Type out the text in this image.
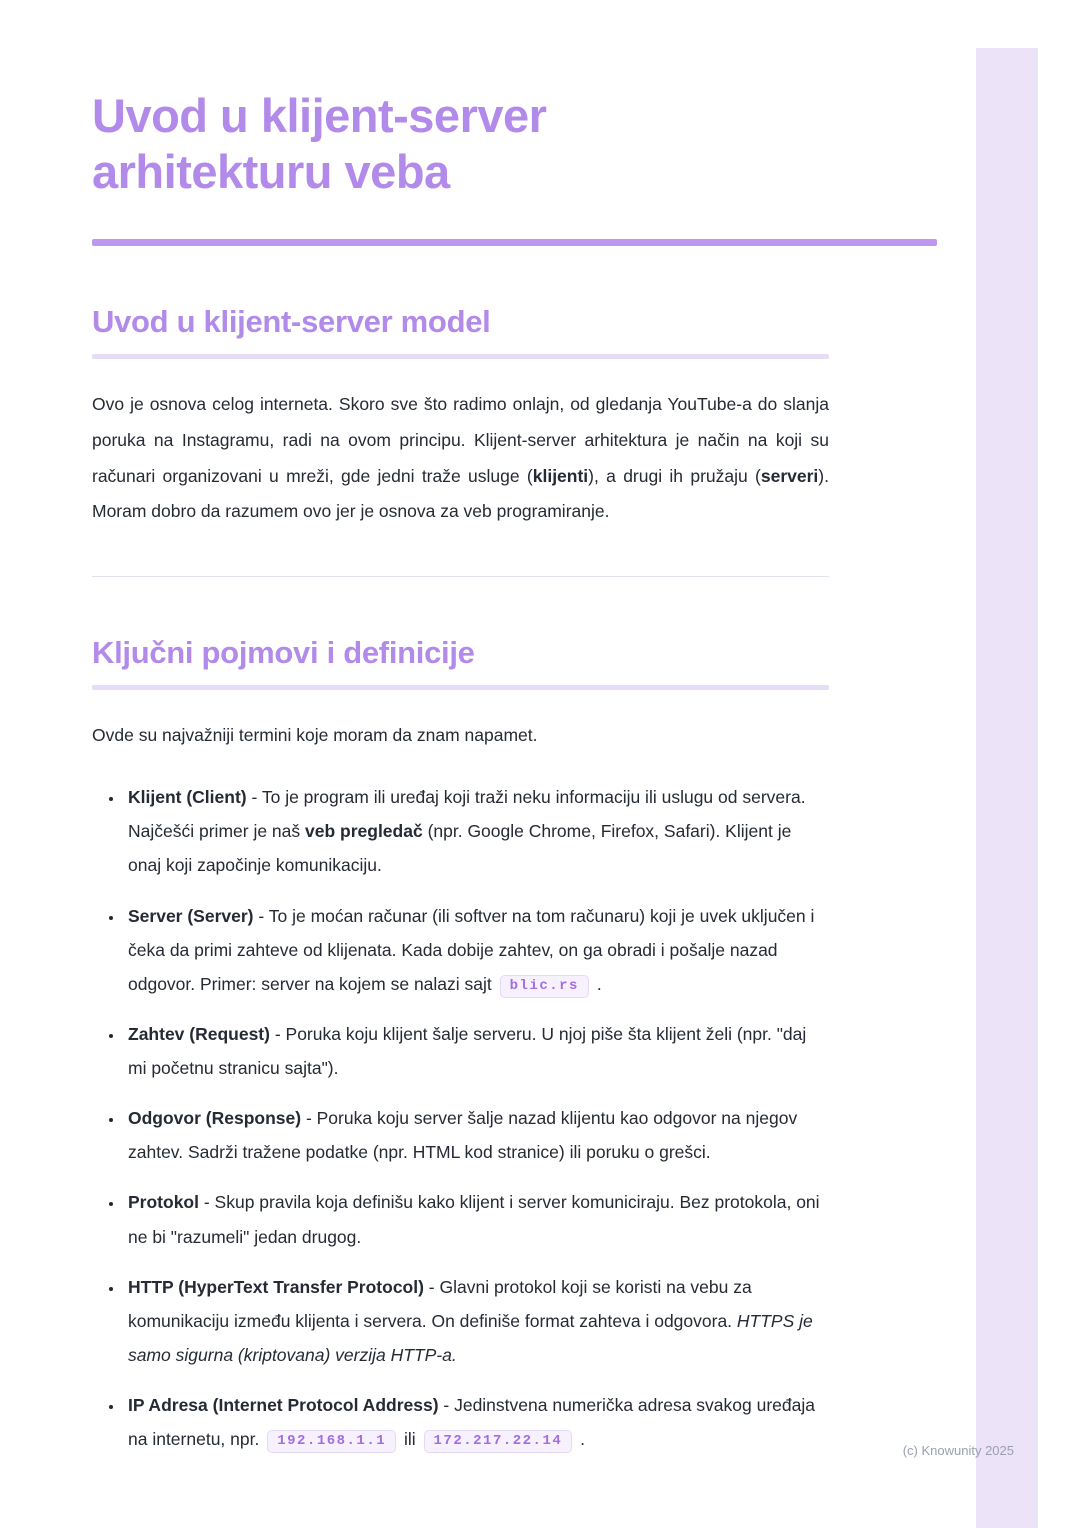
Uvod u klijent-server arhitekturu veba
Uvod u klijent-server model

Ovo je osnova celog interneta. Skoro sve što radimo onlajn, od gledanja YouTube-a do slanja poruka na Instagramu, radi na ovom principu. Klijent-server arhitektura je način na koji su računari organizovani u mreži, gde jedni traže usluge (klijenti), a drugi ih pružaju (serveri). Moram dobro da razumem ovo jer je osnova za veb programiranje.

Ključni pojmovi i definicije

Ovde su najvažniji termini koje moram da znam napamet.

• Klijent (Client) - To je program ili uređaj koji traži neku informaciju ili uslugu od servera. Najčešći primer je naš veb pregledač (npr. Google Chrome, Firefox, Safari). Klijent je onaj koji započinje komunikaciju.
• Server (Server) - To je moćan računar (ili softver na tom računaru) koji je uvek uključen i čeka da primi zahteve od klijenata. Kada dobije zahtev, on ga obradi i pošalje nazad odgovor. Primer: server na kojem se nalazi sajt blic.rs .
• Zahtev (Request) - Poruka koju klijent šalje serveru. U njoj piše šta klijent želi (npr. "daj mi početnu stranicu sajta").
• Odgovor (Response) - Poruka koju server šalje nazad klijentu kao odgovor na njegov zahtev. Sadrži tražene podatke (npr. HTML kod stranice) ili poruku o grešci.
• Protokol - Skup pravila koja definišu kako klijent i server komuniciraju. Bez protokola, oni ne bi "razumeli" jedan drugog.
• HTTP (HyperText Transfer Protocol) - Glavni protokol koji se koristi na vebu za komunikaciju između klijenta i servera. On definiše format zahteva i odgovora. HTTPS je samo sigurna (kriptovana) verzija HTTP-a.
• IP Adresa (Internet Protocol Address) - Jedinstvena numerička adresa svakog uređaja na internetu, npr. 192.168.1.1 ili 172.217.22.14 .
(c) Knowunity 2025
